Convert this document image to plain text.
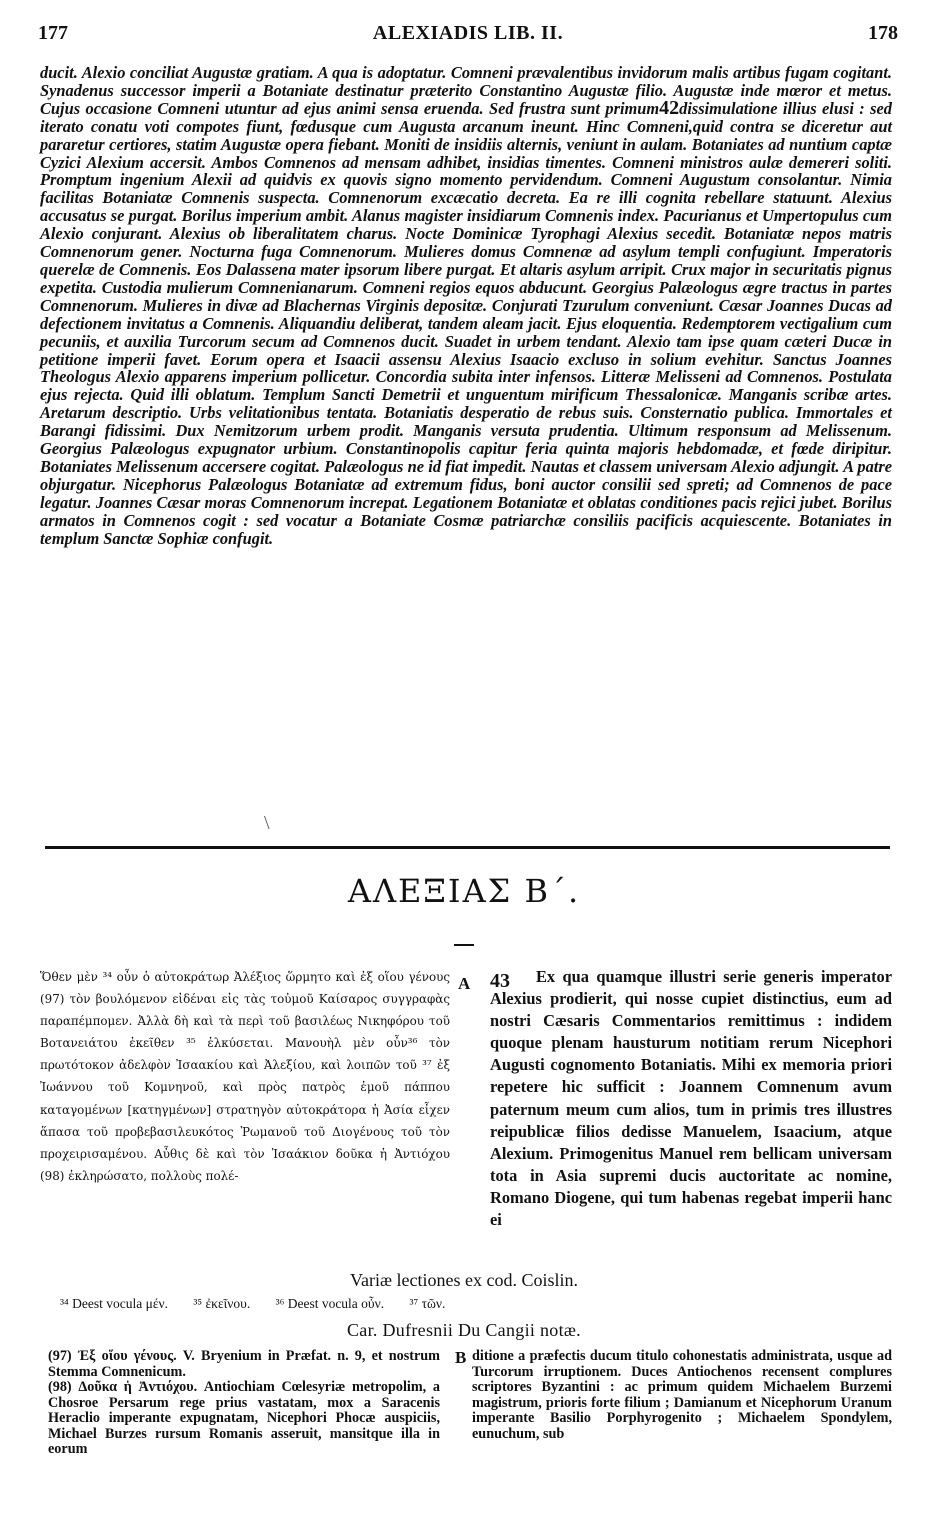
177	ALEXIADIS LIB. II.	178

ducit. Alexio conciliat Augustæ gratiam. A qua is adoptatur. Comneni prævalentibus invidorum malis artibus fugam cogitant. Synadenus successor imperii a Botaniate destinatur præterito Constantino Augustæ filio. Augustæ inde mœror et metus. Cujus occasione Comneni utuntur ad ejus animi sensa eruenda. Sed frustra sunt primum42dissimulatione illius elusi : sed iterato conatu voti compotes fiunt, fœdusque cum Augusta arcanum ineunt. Hinc Comneni,quid contra se diceretur aut pararetur certiores, statim Augustæ opera fiebant. Moniti de insidiis alternis, veniunt in aulam. Botaniates ad nuntium captæ Cyzici Alexium accersit. Ambos Comnenos ad mensam adhibet, insidias timentes. Comneni ministros aulæ demereri soliti. Promptum ingenium Alexii ad quidvis ex quovis signo momento pervidendum. Comneni Augustum consolantur. Nimia facilitas Botaniatæ Comnenis suspecta. Comnenorum excæcatio decreta. Ea re illi cognita rebellare statuunt. Alexius accusatus se purgat. Borilus imperium ambit. Alanus magister insidiarum Comnenis index. Pacurianus et Umpertopulus cum Alexio conjurant. Alexius ob liberalitatem charus. Nocte Dominicæ Tyrophagi Alexius secedit. Botaniatæ nepos matris Comnenorum gener. Nocturna fuga Comnenorum. Mulieres domus Comnenæ ad asylum templi confugiunt. Imperatoris querelæ de Comnenis. Eos Dalassena mater ipsorum libere purgat. Et altaris asylum arripit. Crux major in securitatis pignus expetita. Custodia mulierum Comnenianarum. Comneni regios equos abducunt. Georgius Palæologus ægre tractus in partes Comnenorum. Mulieres in divæ ad Blachernas Virginis depositæ. Conjurati Tzurulum conveniunt. Cæsar Joannes Ducas ad defectionem invitatus a Comnenis. Aliquandiu deliberat, tandem aleam jacit. Ejus eloquentia. Redemptorem vectigalium cum pecuniis, et auxilia Turcorum secum ad Comnenos ducit. Suadet in urbem tendant. Alexio tam ipse quam cæteri Ducæ in petitione imperii favet. Eorum opera et Isaacii assensu Alexius Isaacio excluso in solium evehitur. Sanctus Joannes Theologus Alexio apparens imperium pollicetur. Concordia subita inter infensos. Litteræ Melisseni ad Comnenos. Postulata ejus rejecta. Quid illi oblatum. Templum Sancti Demetrii et unguentum mirificum Thessalonicæ. Manganis scribæ artes. Aretarum descriptio. Urbs velitationibus tentata. Botaniatis desperatio de rebus suis. Consternatio publica. Immortales et Barangi fidissimi. Dux Nemitzorum urbem prodit. Manganis versuta prudentia. Ultimum responsum ad Melissenum. Georgius Palæologus expugnator urbium. Constantinopolis capitur feria quinta majoris hebdomadæ, et fœde diripitur. Botaniates Melissenum accersere cogitat. Palæologus ne id fiat impedit. Nautas et classem universam Alexio adjungit. A patre objurgatur. Nicephorus Palæologus Botaniatæ ad extremum fidus, boni auctor consilii sed spreti; ad Comnenos de pace legatur. Joannes Cæsar moras Comnenorum increpat. Legationem Botaniatæ et oblatas conditiones pacis rejici jubet. Borilus armatos in Comnenos cogit : sed vocatur a Botaniate Cosmæ patriarchæ consiliis pacificis acquiescente. Botaniates in templum Sanctæ Sophiæ confugit.

\
ΑΛΕΞΙΑΣ Β΄.

Ὅθεν μὲν ³⁴ οὖν ὁ αὐτοκράτωρ Ἀλέξιος ὥρμητο καὶ ἐξ οἵου γένους (97) τὸν βουλόμενον εἰδέναι εἰς τὰς τοὐμοῦ Καίσαρος συγγραφὰς παραπέμπομεν. Ἀλλὰ δὴ καὶ τὰ περὶ τοῦ βασιλέως Νικηφόρου τοῦ Βοτανειάτου ἐκεῖθεν ³⁵ ἑλκύσεται. Μανουὴλ μὲν οὖν³⁶ τὸν πρωτότοκον ἀδελφὸν Ἰσαακίου καὶ Ἀλεξίου, καὶ λοιπῶν τοῦ ³⁷ ἐξ Ἰωάννου τοῦ Κομνηνοῦ, καὶ πρὸς πατρὸς ἐμοῦ πάππου καταγομένων [κατηγμένων] στρατηγὸν αὐτοκράτορα ἡ Ἀσία εἶχεν ἅπασα τοῦ προβεβασιλευκότος Ῥωμανοῦ τοῦ Διογένους τοῦ τὸν προχειρισαμένου. Αὖθις δὲ καὶ τὸν Ἰσαάκιον δοῦκα ἡ Ἀντιόχου (98) ἐκληρώσατο, πολλοὺς πολέ-

A 43	Ex qua quamque illustri serie generis imperator Alexius prodierit, qui nosse cupiet distinctius, eum ad nostri Cæsaris Commentarios remittimus : indidem quoque plenam hausturum notitiam rerum Nicephori Augusti cognomento Botaniatis. Mihi ex memoria priori repetere hic sufficit : Joannem Comnenum avum paternum meum cum alios, tum in primis tres illustres reipublicæ filios dedisse Manuelem, Isaacium, atque Alexium. Primogenitus Manuel rem bellicam universam tota in Asia supremi ducis auctoritate ac nomine, Romano Diogene, qui tum habenas regebat imperii hanc ei

Variæ lectiones ex cod. Coislin.

³⁴ Deest vocula μέν. ³⁵ ἐκεῖνου. ³⁶ Deest vocula οὖν. ³⁷ τῶν.

Car. Dufresnii Du Cangii notæ.

(97) Ἐξ οἵου γένους. V. Bryenium in Præfat. n. 9, et nostrum Stemma Comnenicum.
(98) Δοῦκα ἡ Ἀντιόχου. Antiochiam Cœlesyriæ metropolim, a Chosroe Persarum rege prius vastatam, mox a Saracenis Heraclio imperante expugnatam, Nicephori Phocæ auspiciis, Michael Burzes rursum Romanis asseruit, mansitque illa in eorum

B ditione a præfectis ducum titulo cohonestatis administrata, usque ad Turcorum irruptionem. Duces Antiochenos recensent complures scriptores Byzantini : ac primum quidem Michaelem Burzemi magistrum, prioris forte filium ; Damianum et Nicephorum Uranum imperante Basilio Porphyrogenito ; Michaelem Spondylem, eunuchum, sub
